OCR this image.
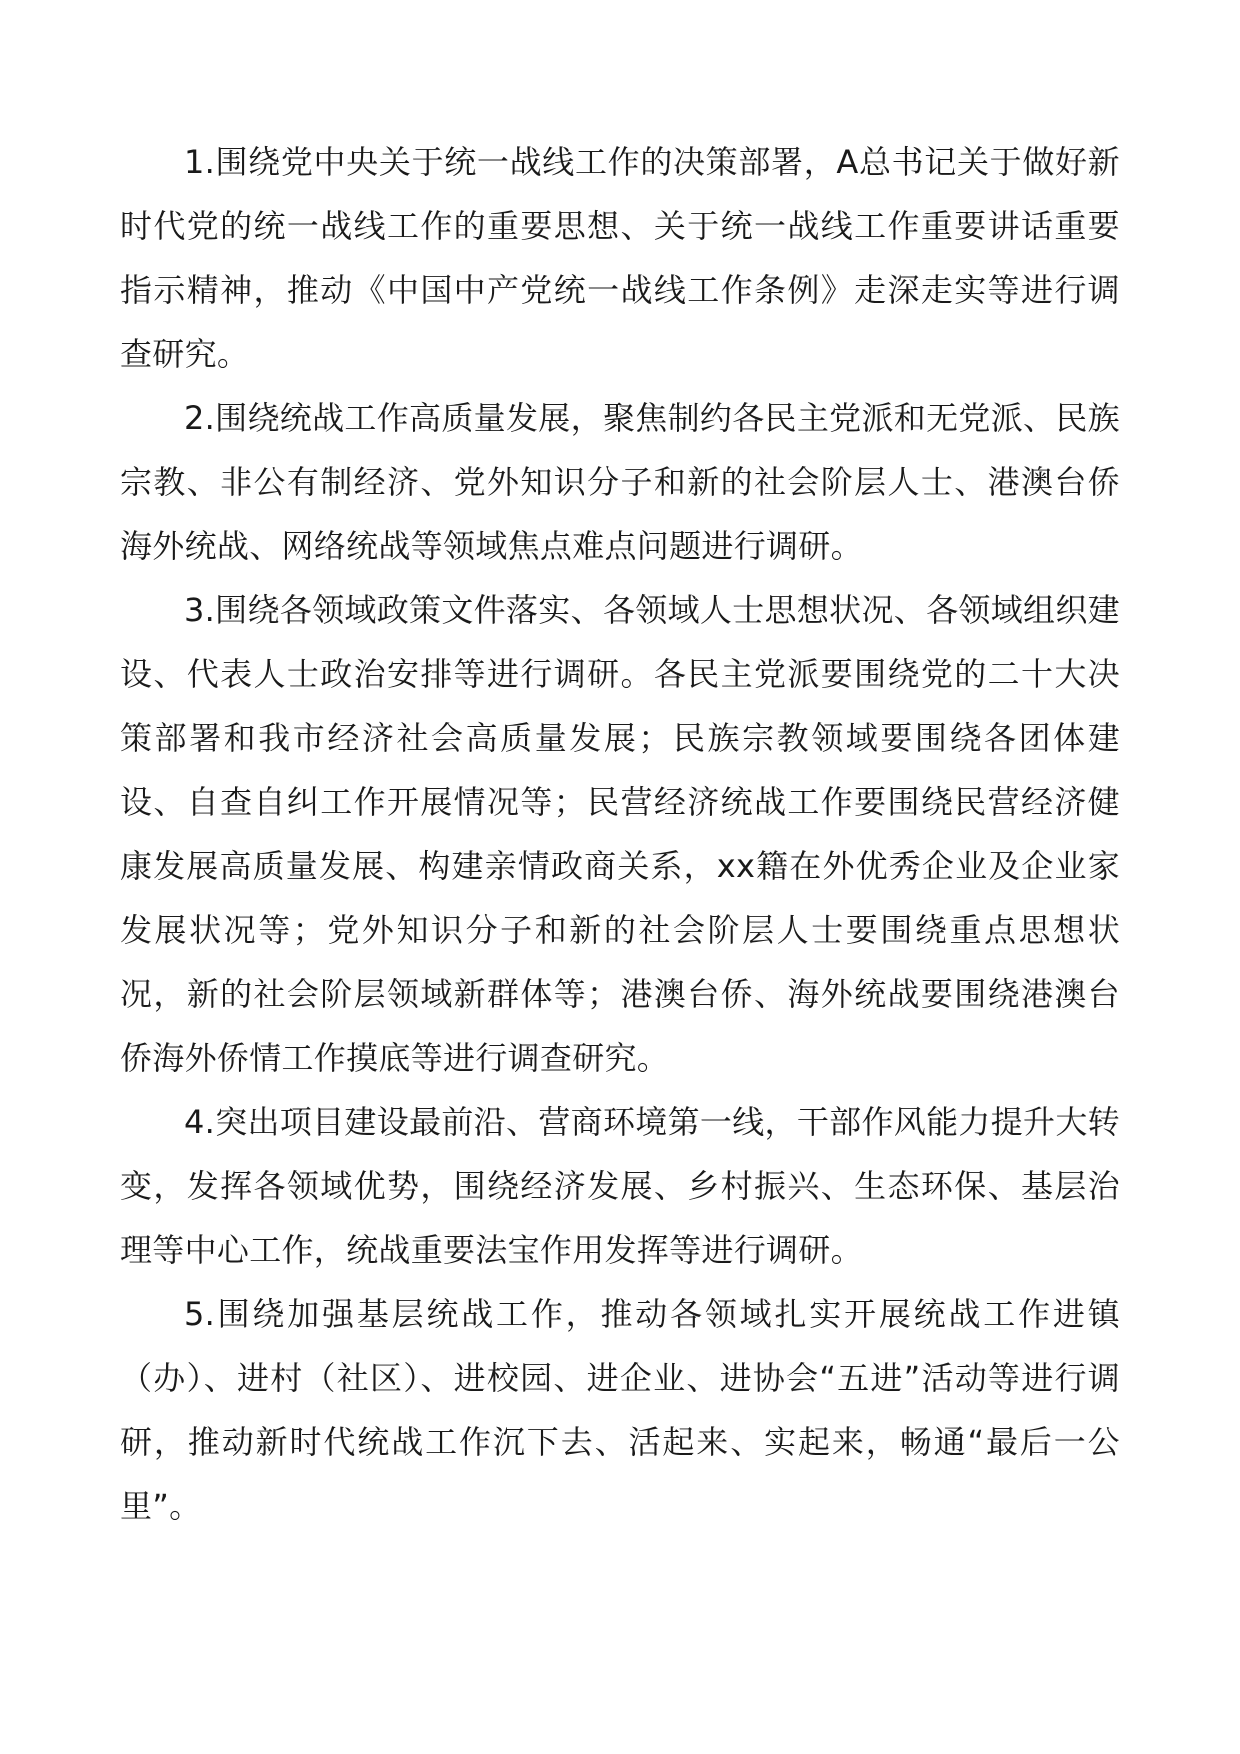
1.围绕党中央关于统一战线工作的决策部署，A总书记关于做好新时代党的统一战线工作的重要思想、关于统一战线工作重要讲话重要指示精神，推动《中国中产党统一战线工作条例》走深走实等进行调查研究。

2.围绕统战工作高质量发展，聚焦制约各民主党派和无党派、民族宗教、非公有制经济、党外知识分子和新的社会阶层人士、港澳台侨海外统战、网络统战等领域焦点难点问题进行调研。

3.围绕各领域政策文件落实、各领域人士思想状况、各领域组织建设、代表人士政治安排等进行调研。各民主党派要围绕党的二十大决策部署和我市经济社会高质量发展；民族宗教领域要围绕各团体建设、自查自纠工作开展情况等；民营经济统战工作要围绕民营经济健康发展高质量发展、构建亲情政商关系，xx籍在外优秀企业及企业家发展状况等；党外知识分子和新的社会阶层人士要围绕重点思想状况，新的社会阶层领域新群体等；港澳台侨、海外统战要围绕港澳台侨海外侨情工作摸底等进行调查研究。

4.突出项目建设最前沿、营商环境第一线，干部作风能力提升大转变，发挥各领域优势，围绕经济发展、乡村振兴、生态环保、基层治理等中心工作，统战重要法宝作用发挥等进行调研。

5.围绕加强基层统战工作，推动各领域扎实开展统战工作进镇（办）、进村（社区）、进校园、进企业、进协会“五进”活动等进行调研，推动新时代统战工作沉下去、活起来、实起来，畅通“最后一公里”。
